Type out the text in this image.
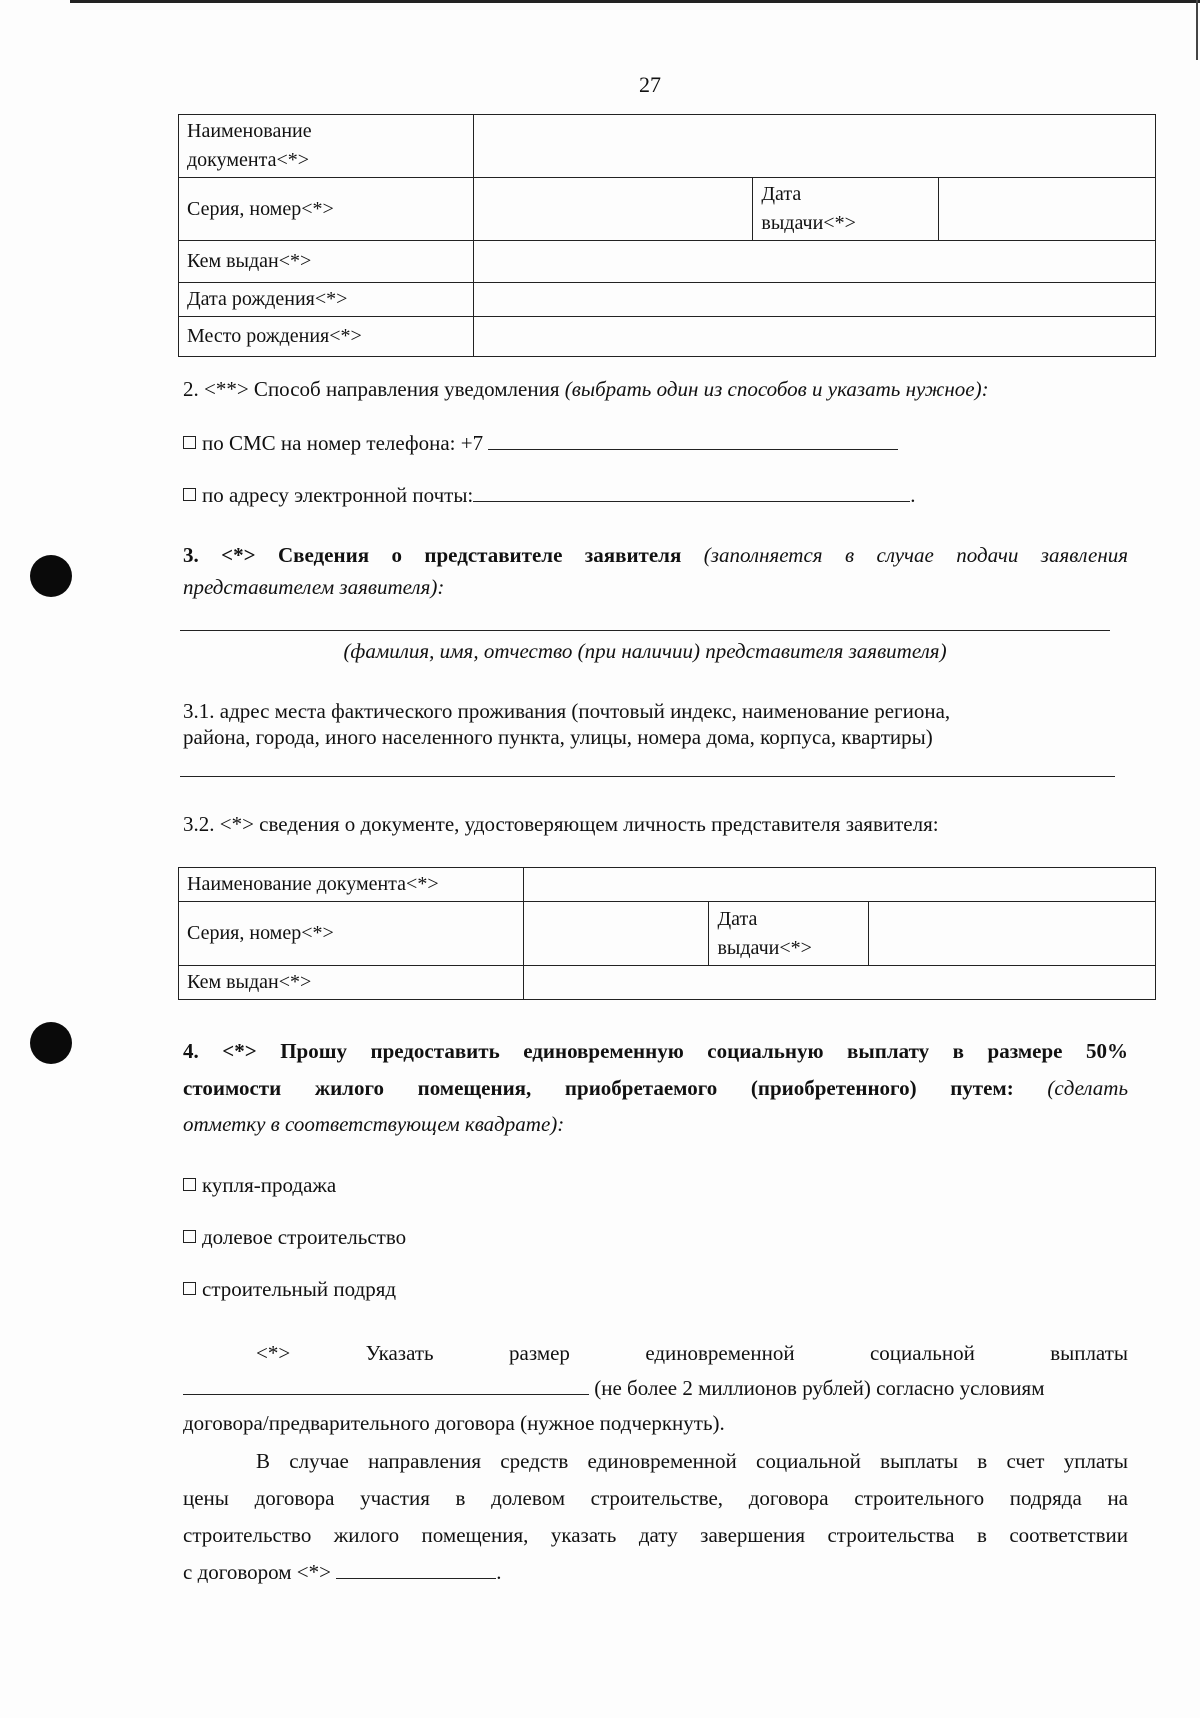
27
Наименование документа<*>			

Серия, номер<*>		Дата выдачи<*>	

Кем выдан<*>			
Дата рождения<*>			
Место рождения<*>			
2. <**> Способ направления уведомления (выбрать один из способов и указать нужное):
по СМС на номер телефона: +7
по адресу электронной почты:	.
3. <*> Сведения о представителе заявителя (заполняется в случае подачи заявления
представителем заявителя):
(фамилия, имя, отчество (при наличии) представителя заявителя)
3.1. адрес места фактического проживания (почтовый индекс, наименование региона,
района, города, иного населенного пункта, улицы, номера дома, корпуса, квартиры)
3.2. <*> сведения о документе, удостоверяющем личность представителя заявителя:
Наименование документа<*>			
Серия, номер<*>		Дата выдачи<*>	

Кем выдан<*>			
4. <*> Прошу предоставить единовременную социальную выплату в размере 50%
стоимости жилого помещения, приобретаемого (приобретенного) путем: (сделать
отметку в соответствующем квадрате):
купля-продажа
долевое строительство
строительный подряд
<*>	Указать	размер	единовременной	социальной	выплаты
(не более 2 миллионов рублей) согласно условиям
договора/предварительного договора (нужное подчеркнуть).
В случае направления средств единовременной социальной выплаты в счет уплаты
цены договора участия в долевом строительстве, договора строительного подряда на
строительство жилого помещения, указать дату завершения строительства в соответствии
с договором <*>	.
